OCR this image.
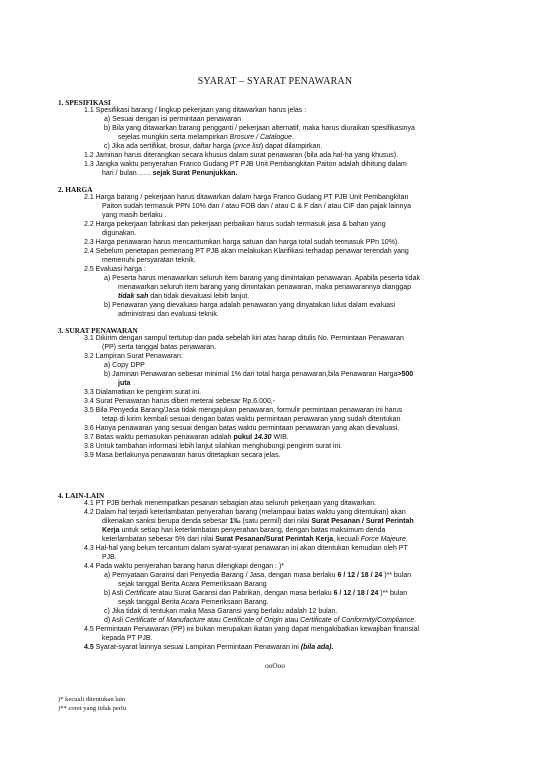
SYARAT – SYARAT PENAWARAN
1. SPESIFIKASI
1.1 Spesifikasi barang / lingkup pekerjaan yang ditawarkan harus jelas :
a) Sesuai dengan isi permintaan penawaran
b) Bila yang ditawarkan barang pengganti / pekerjaan alternatif, maka harus diuraikan spesifikasinya
sejelas mungkin serta melampirkan Brosure / Catalogue.
c) Jika ada sertifikat, brosur, daftar harga (price list) dapat dilampirkan.
1.2 Jaminan harus diterangkan secara khusus dalam surat penawaran (bila ada hal-ha yang khusus).
1.3 Jangka waktu penyerahan Franco Gudang PT PJB Unit Pembangkitan Paiton adalah dihitung dalam
hari / bulan…… sejak Surat Penunjukkan.
2. HARGA
2.1 Harga barang / pekerjaan harus ditawarkan dalam harga Franco Gudang PT PJB Unit Pembangkitan
Paiton sudah termasuk PPN 10% dan / atau FOB dan / atau C & F dan / atau CIF dan pajak lainnya
yang masih berlaku .
2.2 Harga pekerjaan fabrikasi dan pekerjaan perbaikan harus sudah termasuk jasa & bahan yang
digunakan.
2.3 Harga penawaran harus mencantumkan harga satuan dan harga total sudah termasuk PPn 10%).
2.4 Sebelum penetapan pemenang PT PJB akan melakukan Klarifikasi terhadap penawar terendah yang
memenuhi persyaratan teknik.
2.5 Evaluasi harga :
a) Peserta harus menawarkan seluruh item barang yang dimintakan penawaran. Apabila peserta tidak
menawarkan seluruh item barang yang dimintakan penawaran, maka penawarannya dianggap
tidak sah dan tidak dievaluasi lebih lanjut.
b) Penawaran yang dievaluasi harga adalah penawaran yang dinyatakan lulus dalam evaluasi
administrasi dan evaluasi teknik.
3. SURAT PENAWARAN
3.1 Dikirim dengan sampul tertutup dan pada sebelah kiri atas harap ditulis No. Permintaan Penawaran
(PP) serta tanggal batas penawaran.
3.2 Lampiran Surat Penawaran:
a) Copy DPP
b) Jaminan Penawaran sebesar minimal 1% dari total harga penawaran,bila Penawaran Harga>500
juta
3.3 Dialamatkan ke pengirim surat ini.
3.4 Surat Penawaran harus diberi meterai sebesar Rp.6.000,-
3.5 Bila Penyedia Barang/Jasa tidak mengajukan penawaran, formulir permintaan penawaran ini harus
tetap di kirim kembali sesuai dengan batas waktu permintaan penawaran yang sudah ditentukan
3.6 Hanya penawaran yang sesuai dengan batas waktu permintaan penawaran yang akan dievaluasi.
3.7 Batas waktu pemasukan penawaran adalah pukul 14.30 WIB.
3.8 Untuk tambahan informasi lebih lanjut silahkan menghubungi pengirim surat ini.
3.9 Masa berlakunya penawaran harus ditetapkan secara jelas.
4. LAIN-LAIN
4.1 PT PJB berhak menempatkan pesanan sebagian atau seluruh pekerjaan yang ditawarkan.
4.2 Dalam hal terjadi keterlambatan penyerahan barang (melampaui batas waktu yang ditentukan) akan
dikenakan sanksi berupa denda sebesar 1‰ (satu permil) dari nilai Surat Pesanan / Surat Perintah
Kerja untuk setiap hari keterlambatan penyerahan barang, dengan batas maksimum denda
keterlambatan sebesar 5% dari nilai Surat Pesanan/Surat Perintah Kerja, kecuali Force Majeure.
4.3 Hal-hal yang belum tercantum dalam syarat-syarat penawaran ini akan ditentukan kemudian oleh PT
PJB.
4.4 Pada waktu penyerahan barang harus dilengkapi dengan : )*
a) Pernyataan Garansi dari Penyedia Barang / Jasa, dengan masa berlaku 6 / 12 / 18 / 24 )** bulan
sejak tanggal Berita Acara Pemeriksaan Barang
b) Asli Certificate atau Surat Garansi dari Pabrikan, dengan masa berlaku 6 / 12 / 18 / 24 )** bulan
sejak tanggal Berita Acara Pemeriksaan Barang.
c) Jika tidak di tentukan maka Masa Garansi yang berlaku adalah 12 bulan.
d) Asli Certificate of Manufacture atau Certificate of Origin atau Certificate of Conformity/Compliance.
4.5 Permintaan Penawaran (PP) ini bukan merupakan ikatan yang dapat mengakibatkan kewajiban finansial
kepada PT PJB.
4.5 Syarat-syarat lainnya sesuai Lampiran Permintaan Penawaran ini (bila ada).
ooOoo
)* kecuali ditentukan lain
)** coret yang tidak perlu
